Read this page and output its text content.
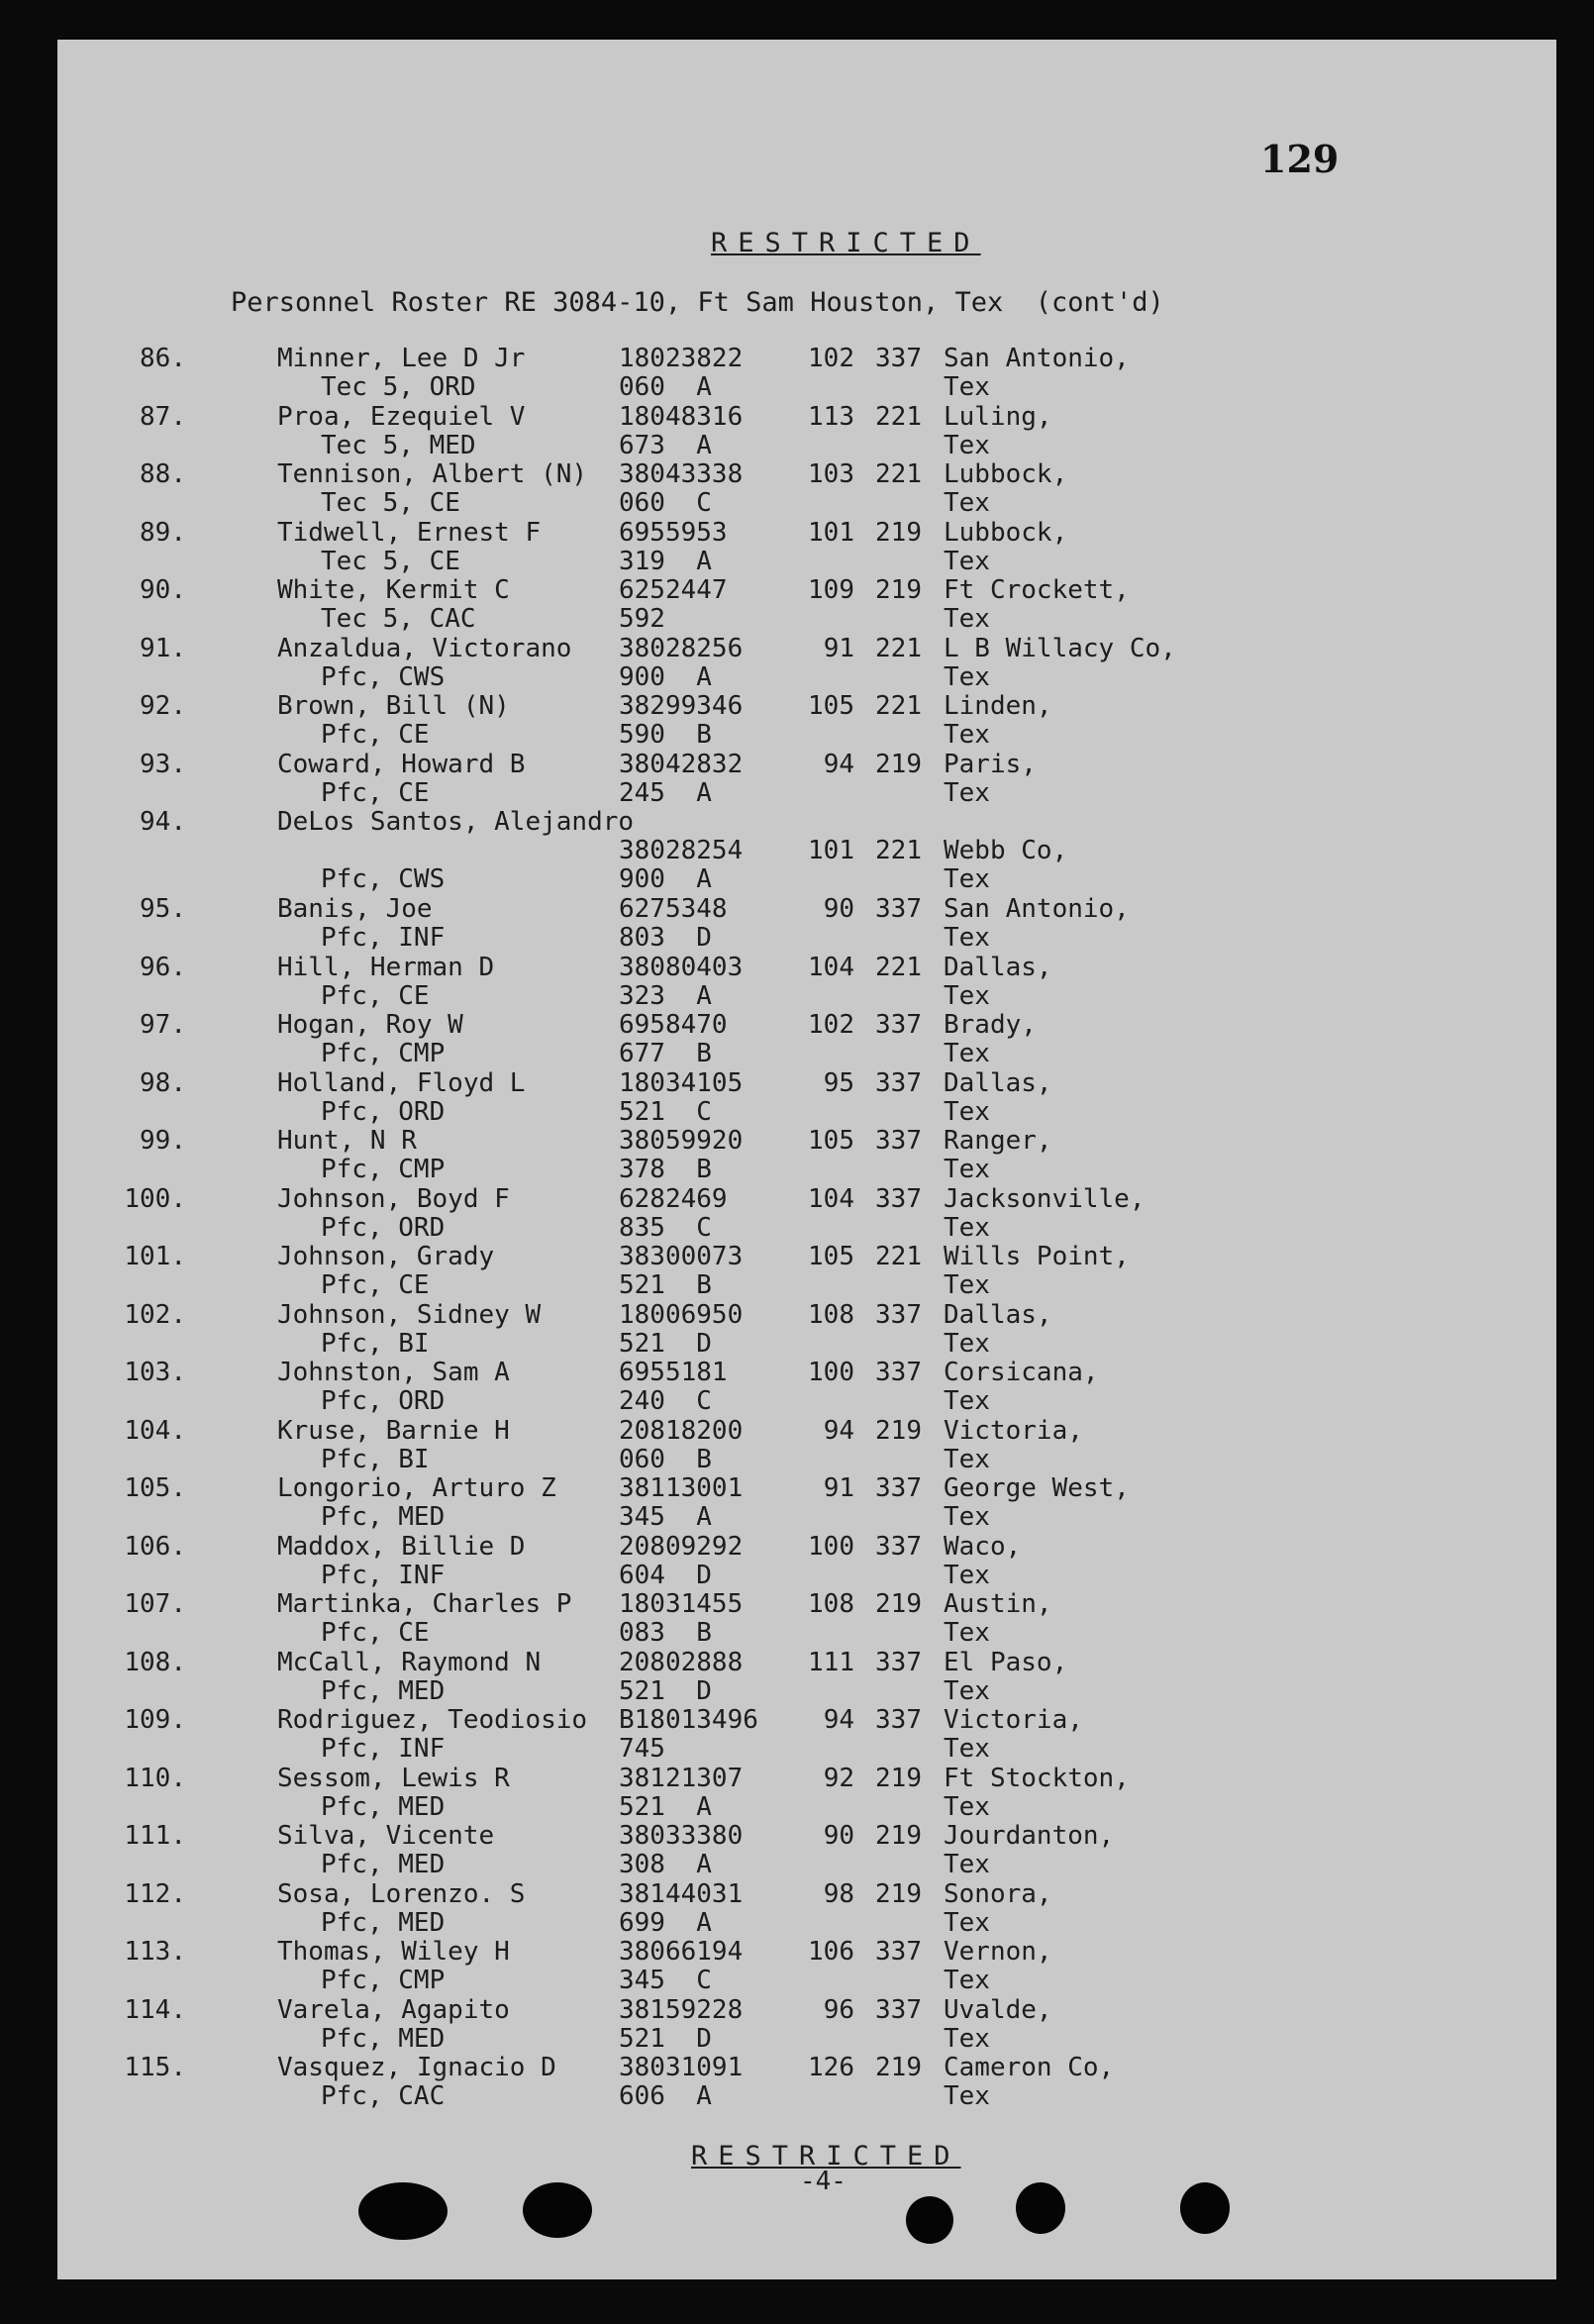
129
RESTRICTED
Personnel Roster RE 3084-10, Ft Sam Houston, Tex  (cont'd)
86.	Minner, Lee D Jr	18023822	102 337 San Antonio,
Tec 5, ORD	060  A	Tex
87.	Proa, Ezequiel V	18048316	113 221 Luling,
Tec 5, MED	673  A	Tex
88.	Tennison, Albert (N) 38043338	103 221 Lubbock,
Tec 5, CE	060  C	Tex
89.	Tidwell, Ernest F	6955953	101 219 Lubbock,
Tec 5, CE	319  A	Tex
90.	White, Kermit C	6252447	109 219 Ft Crockett,
Tec 5, CAC	592	Tex
91.	Anzaldua, Victorano 38028256	91 221 L B Willacy Co,
Pfc, CWS	900  A	Tex
92.	Brown, Bill (N)	38299346	105 221 Linden,
Pfc, CE	590  B	Tex
93.	Coward, Howard B	38042832	94 219 Paris,
Pfc, CE	245  A	Tex
94.	DeLos Santos, Alejandro
38028254	101 221 Webb Co,
Pfc, CWS	900  A	Tex
95.	Banis, Joe	6275348	90 337 San Antonio,
Pfc, INF	803  D	Tex
96.	Hill, Herman D	38080403	104 221 Dallas,
Pfc, CE	323  A	Tex
97.	Hogan, Roy W	6958470	102 337 Brady,
Pfc, CMP	677  B	Tex
98.	Holland, Floyd L	18034105	95 337 Dallas,
Pfc, ORD	521  C	Tex
99.	Hunt, N R	38059920	105 337 Ranger,
Pfc, CMP	378  B	Tex
100.	Johnson, Boyd F	6282469	104 337 Jacksonville,
Pfc, ORD	835  C	Tex
101.	Johnson, Grady	38300073	105 221 Wills Point,
Pfc, CE	521  B	Tex
102.	Johnson, Sidney W	18006950	108 337 Dallas,
Pfc, BI	521  D	Tex
103.	Johnston, Sam A	6955181	100 337 Corsicana,
Pfc, ORD	240  C	Tex
104.	Kruse, Barnie H	20818200	94 219 Victoria,
Pfc, BI	060  B	Tex
105.	Longorio, Arturo Z 38113001	91 337 George West,
Pfc, MED	345  A	Tex
106.	Maddox, Billie D	20809292	100 337 Waco,
Pfc, INF	604  D	Tex
107.	Martinka, Charles P 18031455	108 219 Austin,
Pfc, CE	083  B	Tex
108.	McCall, Raymond N	20802888	111 337 El Paso,
Pfc, MED	521  D	Tex
109.	Rodriguez, Teodiosio B18013496	94 337 Victoria,
Pfc, INF	745	Tex
110.	Sessom, Lewis R	38121307	92 219 Ft Stockton,
Pfc, MED	521  A	Tex
111.	Silva, Vicente	38033380	90 219 Jourdanton,
Pfc, MED	308  A	Tex
112.	Sosa, Lorenzo. S	38144031	98 219 Sonora,
Pfc, MED	699  A	Tex
113.	Thomas, Wiley H	38066194	106 337 Vernon,
Pfc, CMP	345  C	Tex
114.	Varela, Agapito	38159228	96 337 Uvalde,
Pfc, MED	521  D	Tex
115.	Vasquez, Ignacio D 38031091	126 219 Cameron Co,
Pfc, CAC	606  A	Tex
RESTRICTED
-4-
